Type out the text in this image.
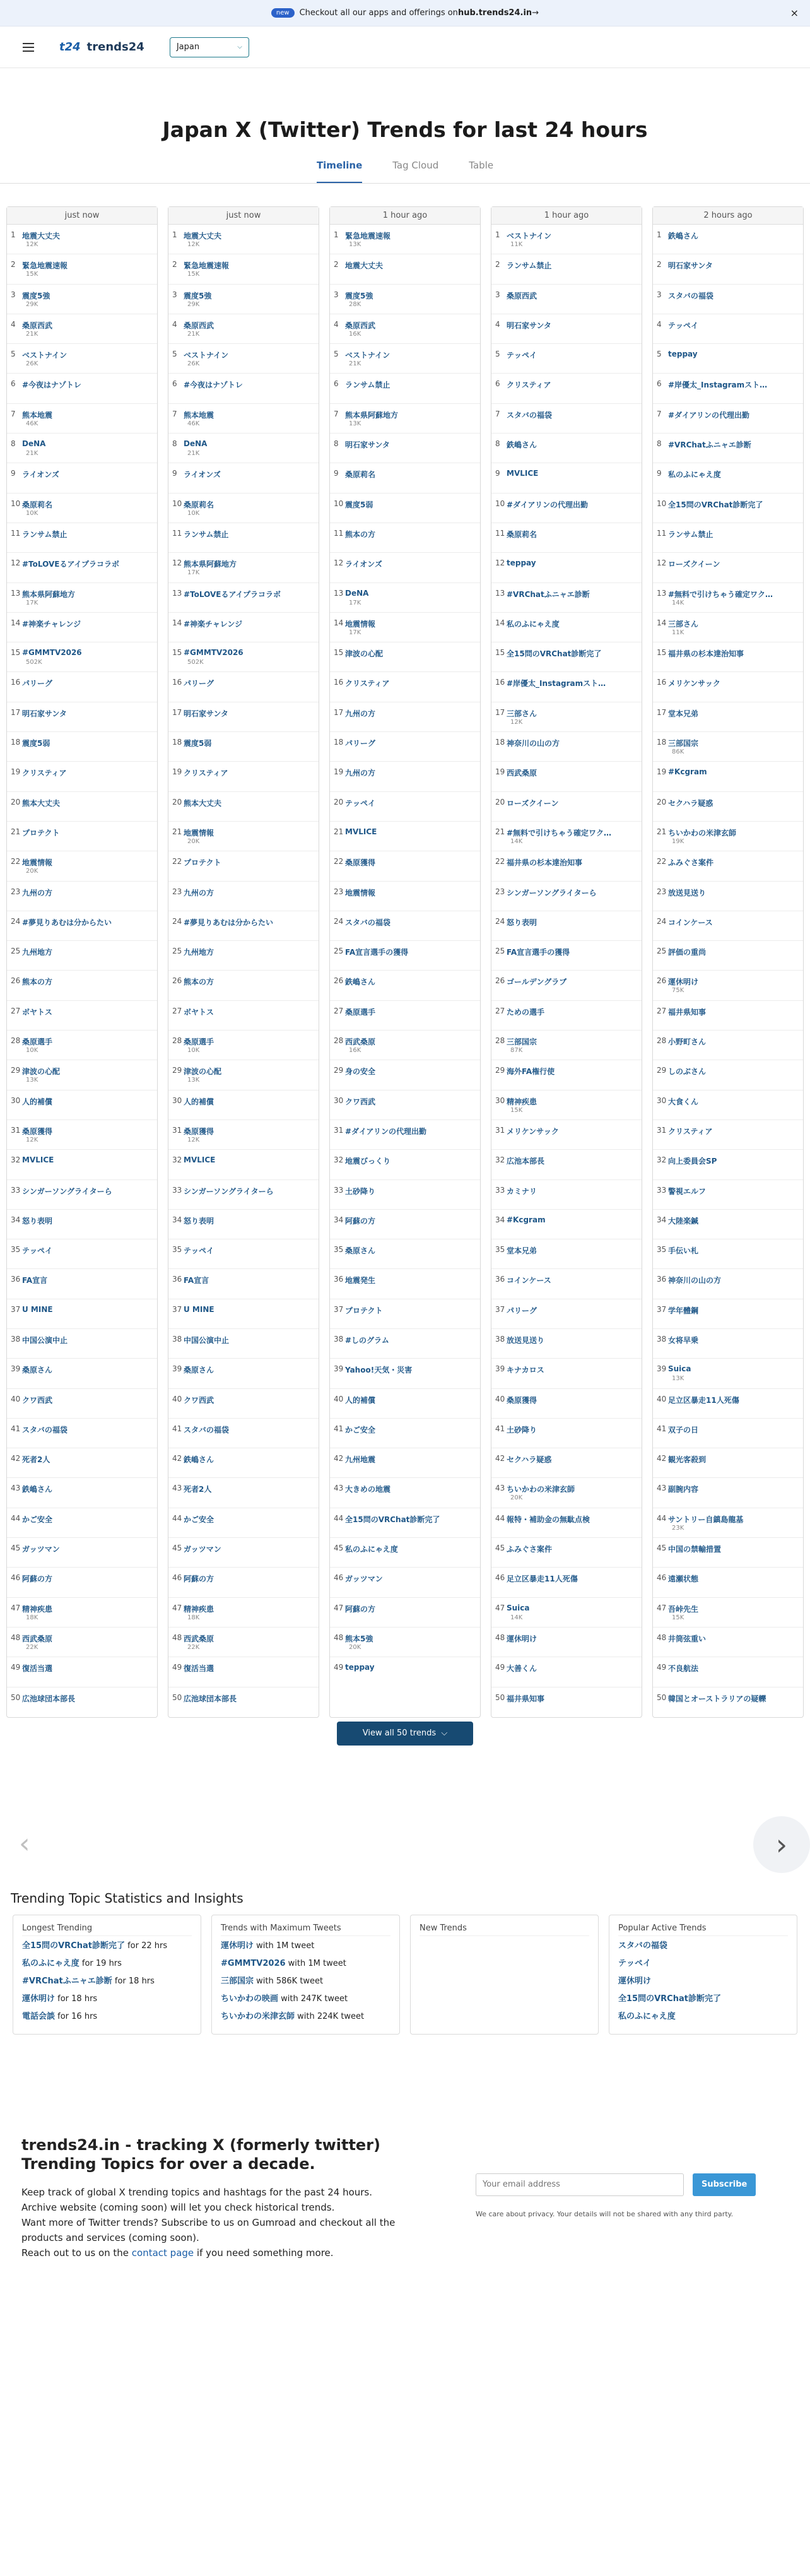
new	Checkout all our apps and offerings on hub.trends24.in →	×
t24 trends24	Japan	⌵
Japan X (Twitter) Trends for last 24 hours
Timeline	Tag Cloud	Table
just now
1 地震大丈夫
12K
2 緊急地震速報
15K
3 震度5強
29K
4 桑原西武
21K
5 ベストナイン
26K
6 #今夜はナゾトレ
7 熊本地震
46K
8 DeNA
21K
9 ライオンズ
10 桑原莉名
10K
11 ランサム禁止
12 #ToLOVEるアイプラコラボ
13 熊本県阿蘇地方
17K
14 #神楽チャレンジ
15 #GMMTV2026
502K
16 パリーグ
17 明石家サンタ
18 震度5弱
19 クリスティア
20 熊本大丈夫
21 プロテクト
22 地震情報
20K
23 九州の方
24 #夢見りあむは分からたい
25 九州地方
26 熊本の方
27 ボヤトス
28 桑原選手
10K
29 津波の心配
13K
30 人的補償
31 桑原獲得
12K
32 MVLICE
33 シンガーソングライターら
34 怒り表明
35 テッペイ
36 FA宣言
37 U MINE
38 中国公演中止
39 桑原さん
40 クワ西武
41 スタバの福袋
42 死者2人
43 鉄嶋さん
44 かご安全
45 ガッツマン
46 阿蘇の方
47 精神疾患
18K
48 西武桑原
22K
49 復活当選
50 広池球団本部長
just now
1 地震大丈夫
12K
2 緊急地震速報
15K
3 震度5強
29K
4 桑原西武
21K
5 ベストナイン
26K
6 #今夜はナゾトレ
7 熊本地震
46K
8 DeNA
21K
9 ライオンズ
10 桑原莉名
10K
11 ランサム禁止
12 熊本県阿蘇地方
17K
13 #ToLOVEるアイプラコラボ
14 #神楽チャレンジ
15 #GMMTV2026
502K
16 パリーグ
17 明石家サンタ
18 震度5弱
19 クリスティア
20 熊本大丈夫
21 地震情報
20K
22 プロテクト
23 九州の方
24 #夢見りあむは分からたい
25 九州地方
26 熊本の方
27 ボヤトス
28 桑原選手
10K
29 津波の心配
13K
30 人的補償
31 桑原獲得
12K
32 MVLICE
33 シンガーソングライターら
34 怒り表明
35 テッペイ
36 FA宣言
37 U MINE
38 中国公演中止
39 桑原さん
40 クワ西武
41 スタバの福袋
42 鉄嶋さん
43 死者2人
44 かご安全
45 ガッツマン
46 阿蘇の方
47 精神疾患
18K
48 西武桑原
22K
49 復活当選
50 広池球団本部長
1 hour ago
1 緊急地震速報
13K
2 地震大丈夫
3 震度5強
28K
4 桑原西武
16K
5 ベストナイン
21K
6 ランサム禁止
7 熊本県阿蘇地方
13K
8 明石家サンタ
9 桑原莉名
10 震度5弱
11 熊本の方
12 ライオンズ
13 DeNA
17K
14 地震情報
17K
15 津波の心配
16 クリスティア
17 九州の方
18 パリーグ
19 九州の方
20 テッペイ
21 MVLICE
22 桑原獲得
23 地震情報
24 スタバの福袋
25 FA宣言選手の獲得
26 鉄嶋さん
27 桑原選手
28 西武桑原
16K
29 身の安全
30 クワ西武
31 #ダイアリンの代理出勤
32 地震びっくり
33 土砂降り
34 阿蘇の方
35 桑原さん
36 地震発生
37 プロテクト
38 #しのグラム
39 Yahoo!天気・災害
40 人的補償
41 かご安全
42 九州地震
43 大きめの地震
44 全15問のVRChat診断完了
45 私のふにゃえ度
46 ガッツマン
47 阿蘇の方
48 熊本5強
20K
49 teppay
1 hour ago
1 ベストナイン
11K
2 ランサム禁止
3 桑原西武
4 明石家サンタ
5 テッペイ
6 クリスティア
7 スタバの福袋
8 鉄嶋さん
9 MVLICE
10 #ダイアリンの代理出勤
11 桑原莉名
12 teppay
13 #VRChatふニャエ診断
14 私のふにゃえ度
15 全15問のVRChat診断完了
16 #岸優太_Instagramスト…
17 三部さん
12K
18 神奈川の山の方
19 西武桑原
20 ローズクイーン
21 #無料で引けちゃう確定ワク…
14K
22 福井県の杉本達治知事
23 シンガーソングライターら
24 怒り表明
25 FA宣言選手の獲得
26 ゴールデングラブ
27 ための選手
28 三部国宗
87K
29 海外FA権行使
30 精神疾患
15K
31 メリケンサック
32 広池本部長
33 カミナリ
34 #Kcgram
35 堂本兄弟
36 コインケース
37 パリーグ
38 放送見送り
39 キナカロス
40 桑原獲得
41 土砂降り
42 セクハラ疑惑
43 ちいかわの米津玄師
20K
44 報特・補助金の無駄点検
45 ふみぐさ案件
46 足立区暴走11人死傷
47 Suica
14K
48 運休明け
49 大善くん
50 福井県知事
2 hours ago
1 鉄嶋さん
2 明石家サンタ
3 スタバの福袋
4 テッペイ
5 teppay
6 #岸優太_Instagramスト…
7 #ダイアリンの代理出勤
8 #VRChatふニャエ診断
9 私のふにゃえ度
10 全15問のVRChat診断完了
11 ランサム禁止
12 ローズクイーン
13 #無料で引けちゃう確定ワク…
14K
14 三部さん
11K
15 福井県の杉本達治知事
16 メリケンサック
17 堂本兄弟
18 三部国宗
86K
19 #Kcgram
20 セクハラ疑惑
21 ちいかわの米津玄師
19K
22 ふみぐさ案件
23 放送見送り
24 コインケース
25 評価の重尚
26 運休明け
75K
27 福井県知事
28 小野町さん
29 しのぶさん
30 大食くん
31 クリスティア
32 向上委員会SP
33 警視エルフ
34 大陸楽鍼
35 手伝い札
36 神奈川の山の方
37 学年體鋼
38 女将早乗
39 Suica
13K
40 足立区暴走11人死傷
41 双子の日
42 観光客殺到
43 副腕内容
44 サントリー自鎮島龍基
23K
45 中国の禁輸措置
46 遠瀬状態
47 吾峠先生
15K
48 井筒弦重い
49 不良航法
50 韓国とオーストラリアの疑轢
View all 50 trends ⌵
‹	›
Trending Topic Statistics and Insights
Longest Trending
全15問のVRChat診断完了 for 22 hrs
私のふにゃえ度 for 19 hrs
#VRChatふニャエ診断 for 18 hrs
運休明け for 18 hrs
電話会談 for 16 hrs
Trends with Maximum Tweets
運休明け with 1M tweet
#GMMTV2026 with 1M tweet
三部国宗 with 586K tweet
ちいかわの映画 with 247K tweet
ちいかわの米津玄師 with 224K tweet
New Trends	Popular Active Trends
スタバの福袋
テッペイ
運休明け
全15問のVRChat診断完了
私のふにゃえ度
trends24.in - tracking X (formerly twitter) Trending Topics for over a decade.

Keep track of global X trending topics and hashtags for the past 24 hours.
Archive website (coming soon) will let you check historical trends.
Want more of Twitter trends? Subscribe to us on Gumroad and checkout all the products and services (coming soon).
Reach out to us on the contact page if you need something more.

Your email address
Subscribe
We care about privacy. Your details will not be shared with any third party.
